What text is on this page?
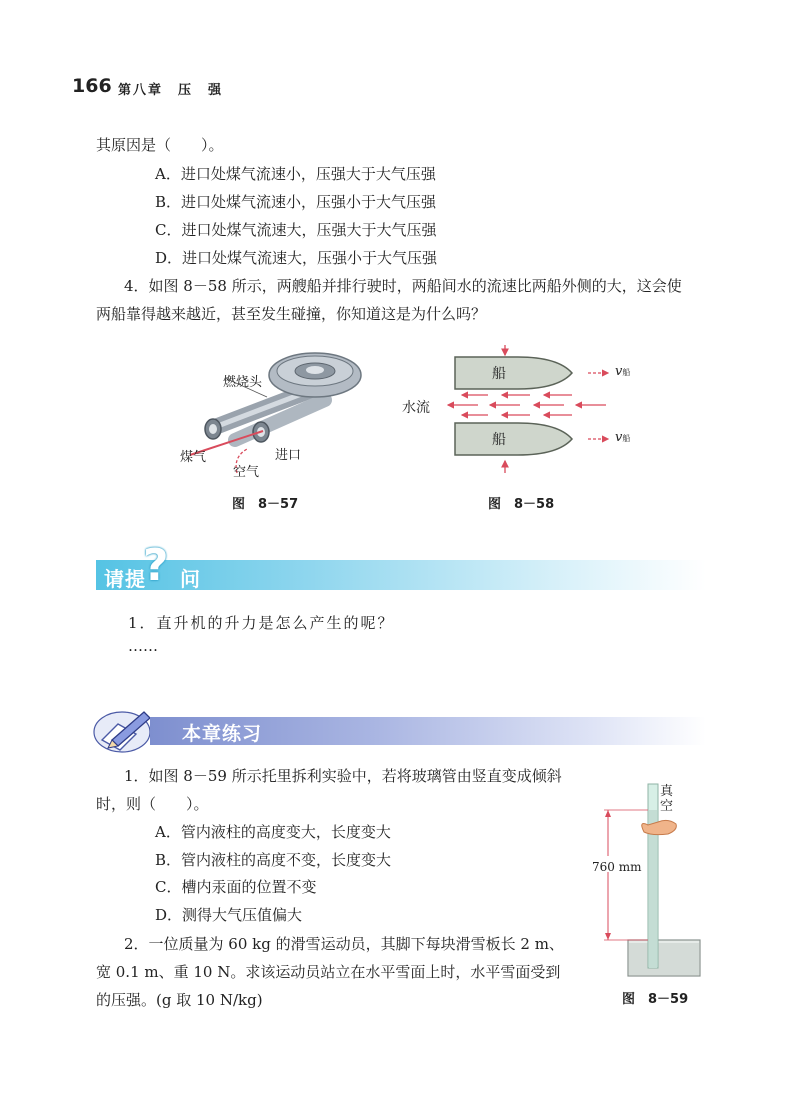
166 第八章　压　强
其原因是（　　）。
A．进口处煤气流速小，压强大于大气压强
B．进口处煤气流速小，压强小于大气压强
C．进口处煤气流速大，压强大于大气压强
D．进口处煤气流速大，压强小于大气压强
4．如图 8－58 所示，两艘船并排行驶时，两船间水的流速比两船外侧的大，这会使
两船靠得越来越近，甚至发生碰撞，你知道这是为什么吗？
燃烧头
煤气	进口
空气
图　8－57
船
船
水流
v船
v船
图　8－58
请提 问
?
1．直升机的升力是怎么产生的呢？
……
本章练习
1．如图 8－59 所示托里拆利实验中，若将玻璃管由竖直变成倾斜
时，则（　　）。
A．管内液柱的高度变大，长度变大
B．管内液柱的高度不变，长度变大
C．槽内汞面的位置不变
D．测得大气压值偏大
2．一位质量为 60 kg 的滑雪运动员，其脚下每块滑雪板长 2 m、
宽 0.1 m、重 10 N。求该运动员站立在水平雪面上时，水平雪面受到
的压强。(g 取 10 N/kg)
真
空
760 mm
图　8－59
